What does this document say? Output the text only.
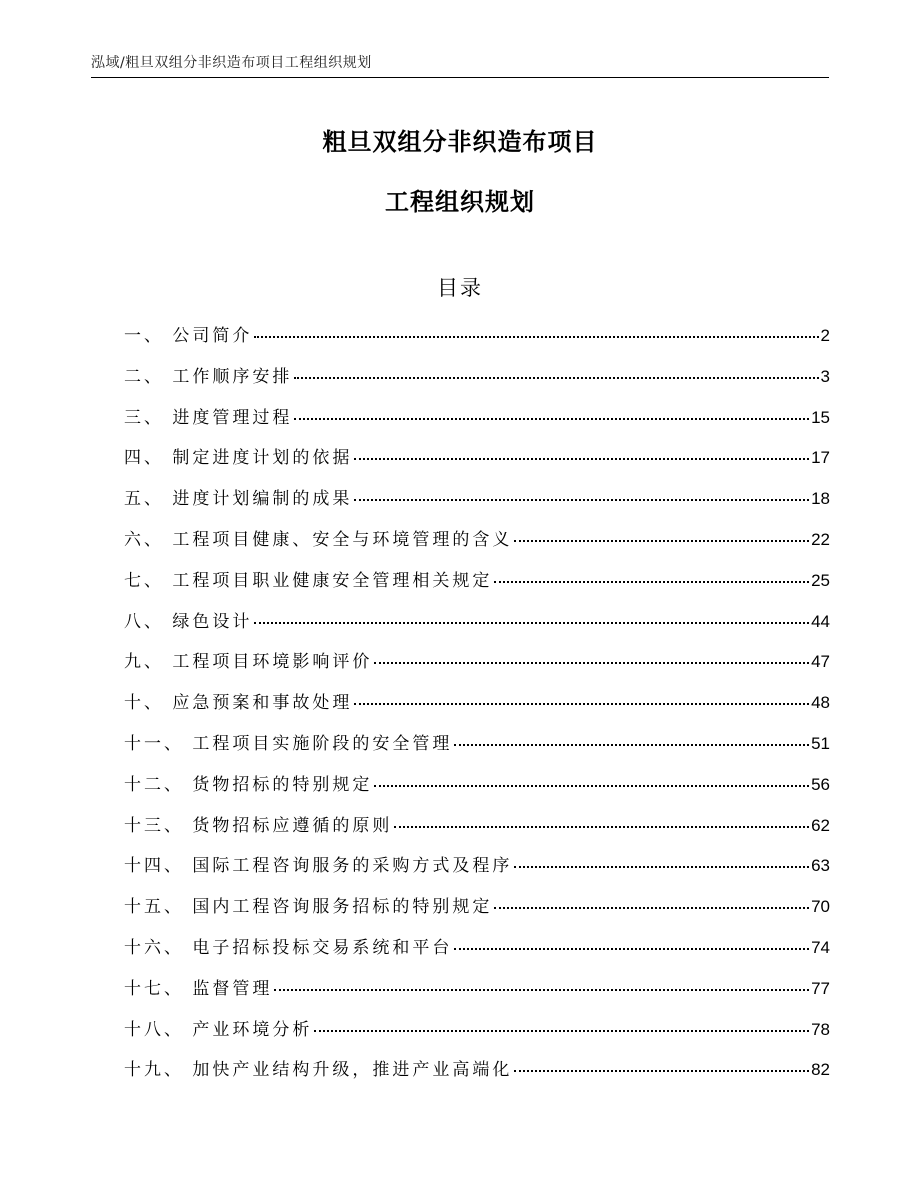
泓域/粗旦双组分非织造布项目工程组织规划
粗旦双组分非织造布项目
工程组织规划
目录
一、 公司简介	2
二、 工作顺序安排	3
三、 进度管理过程	15
四、 制定进度计划的依据	17
五、 进度计划编制的成果	18
六、 工程项目健康、安全与环境管理的含义	22
七、 工程项目职业健康安全管理相关规定	25
八、 绿色设计	44
九、 工程项目环境影响评价	47
十、 应急预案和事故处理	48
十一、 工程项目实施阶段的安全管理	51
十二、 货物招标的特别规定	56
十三、 货物招标应遵循的原则	62
十四、 国际工程咨询服务的采购方式及程序	63
十五、 国内工程咨询服务招标的特别规定	70
十六、 电子招标投标交易系统和平台	74
十七、 监督管理	77
十八、 产业环境分析	78
十九、 加快产业结构升级，推进产业高端化	82
